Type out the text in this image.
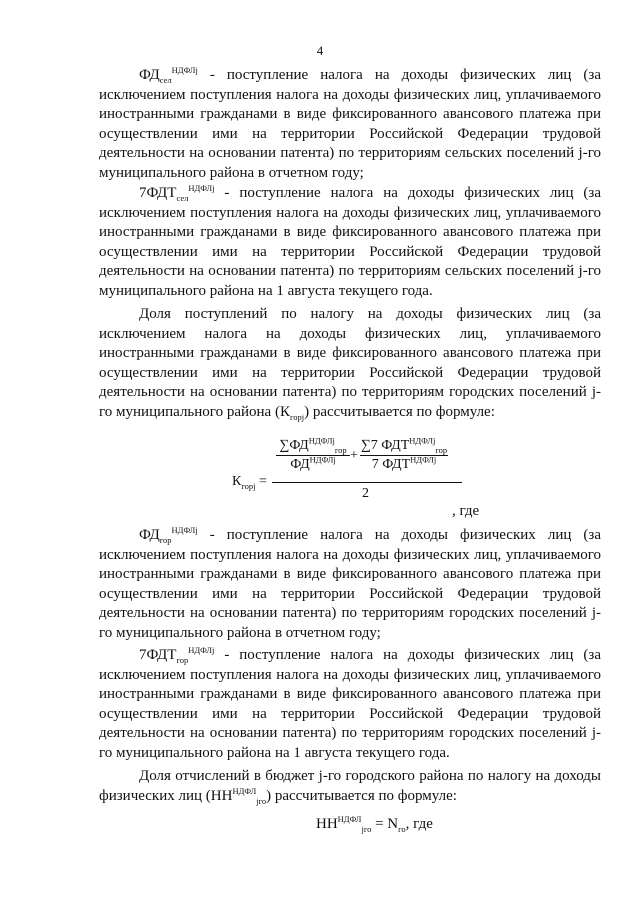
4
$ФД_{сел}^{НДФЛj}$ - поступление налога на доходы физических лиц (за исключением поступления налога на доходы физических лиц, уплачиваемого иностранными гражданами в виде фиксированного авансового платежа при осуществлении ими на территории Российской Федерации трудовой деятельности на основании патента) по территориям сельских поселений j-го муниципального района в отчетном году;
$7ФДТ_{сел}^{НДФЛj}$ - поступление налога на доходы физических лиц (за исключением поступления налога на доходы физических лиц, уплачиваемого иностранными гражданами в виде фиксированного авансового платежа при осуществлении ими на территории Российской Федерации трудовой деятельности на основании патента) по территориям сельских поселений j-го муниципального района на 1 августа текущего года.
Доля поступлений по налогу на доходы физических лиц (за исключением налога на доходы физических лиц, уплачиваемого иностранными гражданами в виде фиксированного авансового платежа при осуществлении ими на территории Российской Федерации трудовой деятельности на основании патента) по территориям городских поселений j-го муниципального района $(К_{горj})$ рассчитывается по формуле:
$К_{горj}$ =
$\sum ФД^{НДФЛj}_{гор}$
$ФД^{НДФЛj}$	+
∑7 $ФДТ^{НДФЛj}_{гор}$
7 $ФДТ^{НДФЛj}$
2
, где
$ФД_{гор}^{НДФЛj}$ - поступление налога на доходы физических лиц (за исключением поступления налога на доходы физических лиц, уплачиваемого иностранными гражданами в виде фиксированного авансового платежа при осуществлении ими на территории Российской Федерации трудовой деятельности на основании патента) по территориям городских поселений j-го муниципального района в отчетном году;
$7ФДТ_{гор}^{НДФЛj}$ - поступление налога на доходы физических лиц (за исключением поступления налога на доходы физических лиц, уплачиваемого иностранными гражданами в виде фиксированного авансового платежа при осуществлении ими на территории Российской Федерации трудовой деятельности на основании патента) по территориям городских поселений j-го муниципального района на 1 августа текущего года.
Доля отчислений в бюджет j-го городского района по налогу на доходы физических лиц $(НН^{НДФЛ}_{jго})$ рассчитывается по формуле:
$НН^{НДФЛ}_{jго} = N_{го}$, где
